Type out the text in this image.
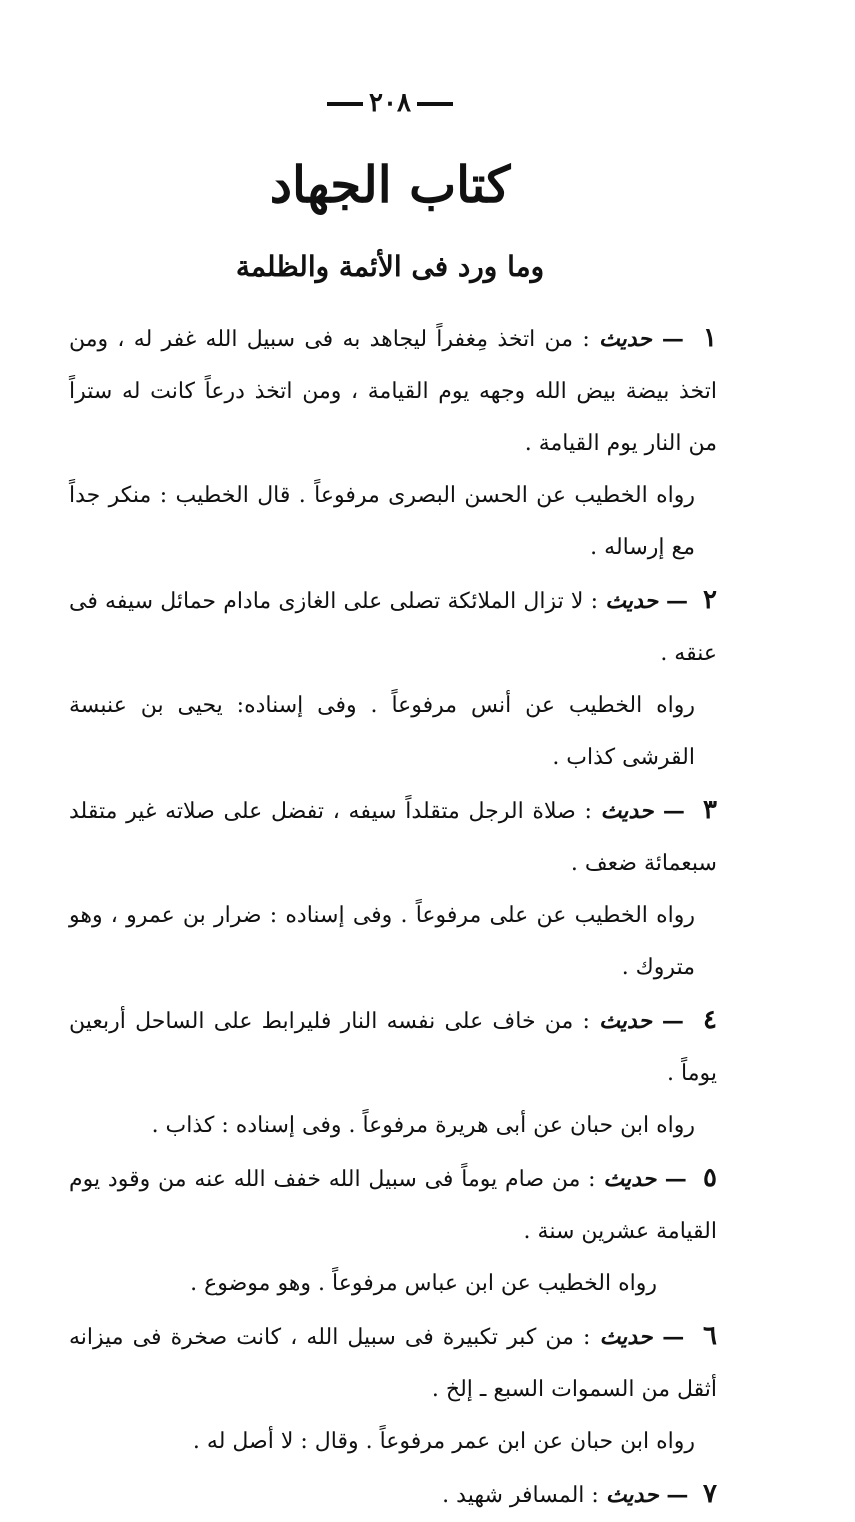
٢٠٨
كتاب الجهاد
وما ورد فى الأئمة والظلمة

١  — حديث : من اتخذ مِغفراً ليجاهد به فى سبيل الله غفر له ، ومن اتخذ بيضة بيض الله وجهه يوم القيامة ، ومن اتخذ درعاً كانت له ستراً من النار يوم القيامة .

رواه الخطيب عن الحسن البصرى مرفوعاً . قال الخطيب : منكر جداً مع إرساله .

٢  — حديث : لا تزال الملائكة تصلى على الغازى مادام حمائل سيفه فى عنقه .

رواه الخطيب عن أنس مرفوعاً . وفى إسناده: يحيى بن عنبسة القرشى كذاب .

٣  — حديث : صلاة الرجل متقلداً سيفه ، تفضل على صلاته غير متقلد سبعمائة ضعف .

رواه الخطيب عن على مرفوعاً . وفى إسناده : ضرار بن عمرو ، وهو متروك .

٤  — حديث : من خاف على نفسه النار فليرابط على الساحل أربعين يوماً .

رواه ابن حبان عن أبى هريرة مرفوعاً . وفى إسناده : كذاب .

٥  — حديث : من صام يوماً فى سبيل الله خفف الله عنه من وقود يوم القيامة عشرين سنة .

رواه الخطيب عن ابن عباس مرفوعاً . وهو موضوع .

٦  — حديث : من كبر تكبيرة فى سبيل الله ، كانت صخرة فى ميزانه أثقل من السموات السبع ـ إلخ .

رواه ابن حبان عن ابن عمر مرفوعاً . وقال : لا أصل له .

٧  — حديث : المسافر شهيد .
